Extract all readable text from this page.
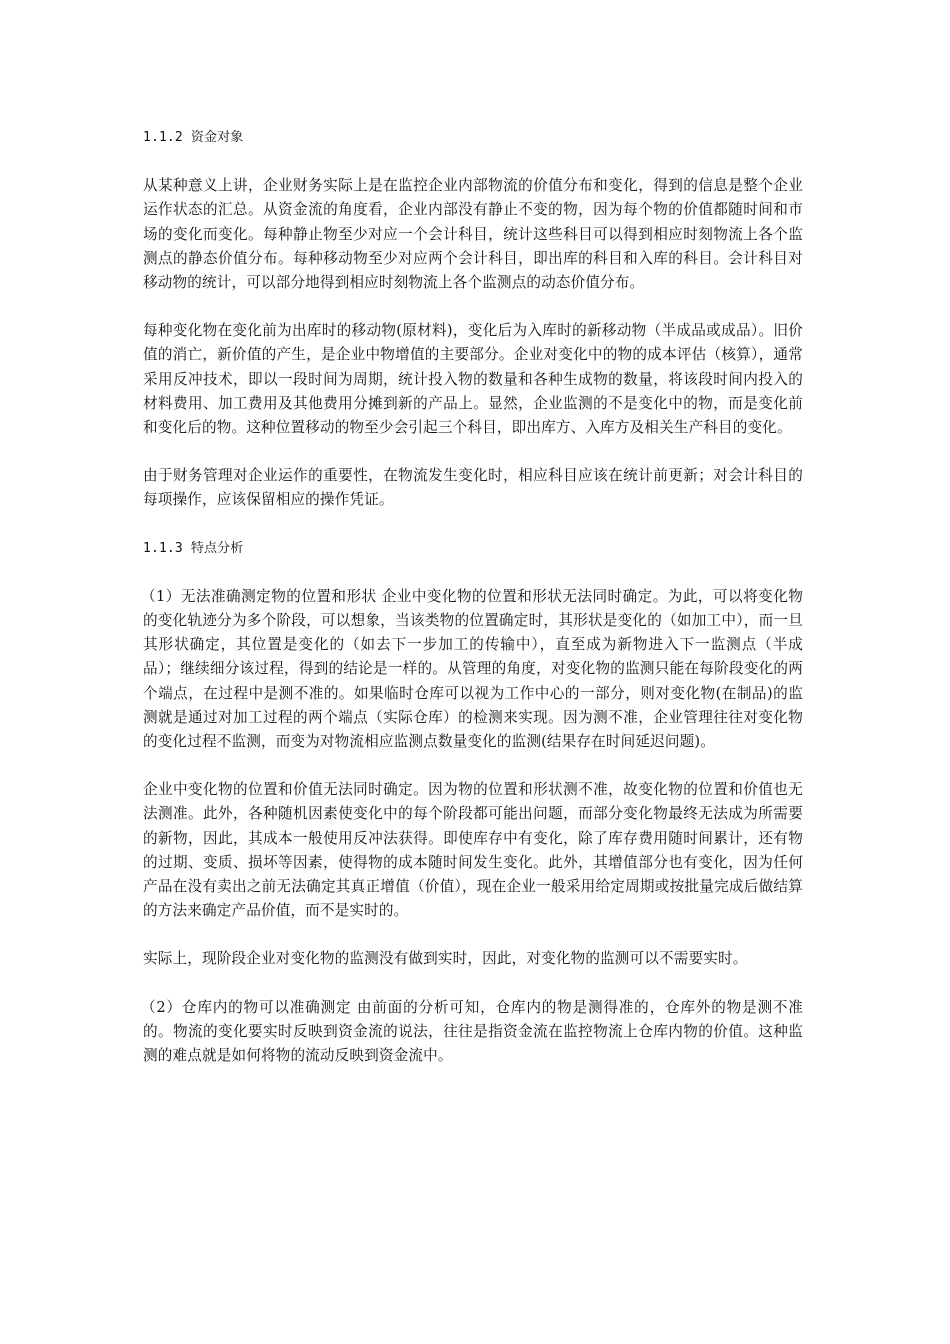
1.1.2 资金对象

从某种意义上讲，企业财务实际上是在监控企业内部物流的价值分布和变化，得到的信息是整个企业运作状态的汇总。从资金流的角度看，企业内部没有静止不变的物，因为每个物的价值都随时间和市场的变化而变化。每种静止物至少对应一个会计科目，统计这些科目可以得到相应时刻物流上各个监测点的静态价值分布。每种移动物至少对应两个会计科目，即出库的科目和入库的科目。会计科目对移动物的统计，可以部分地得到相应时刻物流上各个监测点的动态价值分布。

每种变化物在变化前为出库时的移动物(原材料)，变化后为入库时的新移动物（半成品或成品）。旧价值的消亡，新价值的产生，是企业中物增值的主要部分。企业对变化中的物的成本评估（核算），通常采用反冲技术，即以一段时间为周期，统计投入物的数量和各种生成物的数量，将该段时间内投入的材料费用、加工费用及其他费用分摊到新的产品上。显然，企业监测的不是变化中的物，而是变化前和变化后的物。这种位置移动的物至少会引起三个科目，即出库方、入库方及相关生产科目的变化。

由于财务管理对企业运作的重要性，在物流发生变化时，相应科目应该在统计前更新；对会计科目的每项操作，应该保留相应的操作凭证。

1.1.3 特点分析

（1）无法准确测定物的位置和形状 企业中变化物的位置和形状无法同时确定。为此，可以将变化物的变化轨迹分为多个阶段，可以想象，当该类物的位置确定时，其形状是变化的（如加工中），而一旦其形状确定，其位置是变化的（如去下一步加工的传输中），直至成为新物进入下一监测点（半成品）；继续细分该过程，得到的结论是一样的。从管理的角度，对变化物的监测只能在每阶段变化的两个端点，在过程中是测不准的。如果临时仓库可以视为工作中心的一部分，则对变化物(在制品)的监测就是通过对加工过程的两个端点（实际仓库）的检测来实现。因为测不准，企业管理往往对变化物的变化过程不监测，而变为对物流相应监测点数量变化的监测(结果存在时间延迟问题)。

企业中变化物的位置和价值无法同时确定。因为物的位置和形状测不准，故变化物的位置和价值也无法测准。此外，各种随机因素使变化中的每个阶段都可能出问题，而部分变化物最终无法成为所需要的新物，因此，其成本一般使用反冲法获得。即使库存中有变化，除了库存费用随时间累计，还有物的过期、变质、损坏等因素，使得物的成本随时间发生变化。此外，其增值部分也有变化，因为任何产品在没有卖出之前无法确定其真正增值（价值），现在企业一般采用给定周期或按批量完成后做结算的方法来确定产品价值，而不是实时的。

实际上，现阶段企业对变化物的监测没有做到实时，因此，对变化物的监测可以不需要实时。

（2）仓库内的物可以准确测定 由前面的分析可知，仓库内的物是测得准的，仓库外的物是测不准的。物流的变化要实时反映到资金流的说法，往往是指资金流在监控物流上仓库内物的价值。这种监测的难点就是如何将物的流动反映到资金流中。
